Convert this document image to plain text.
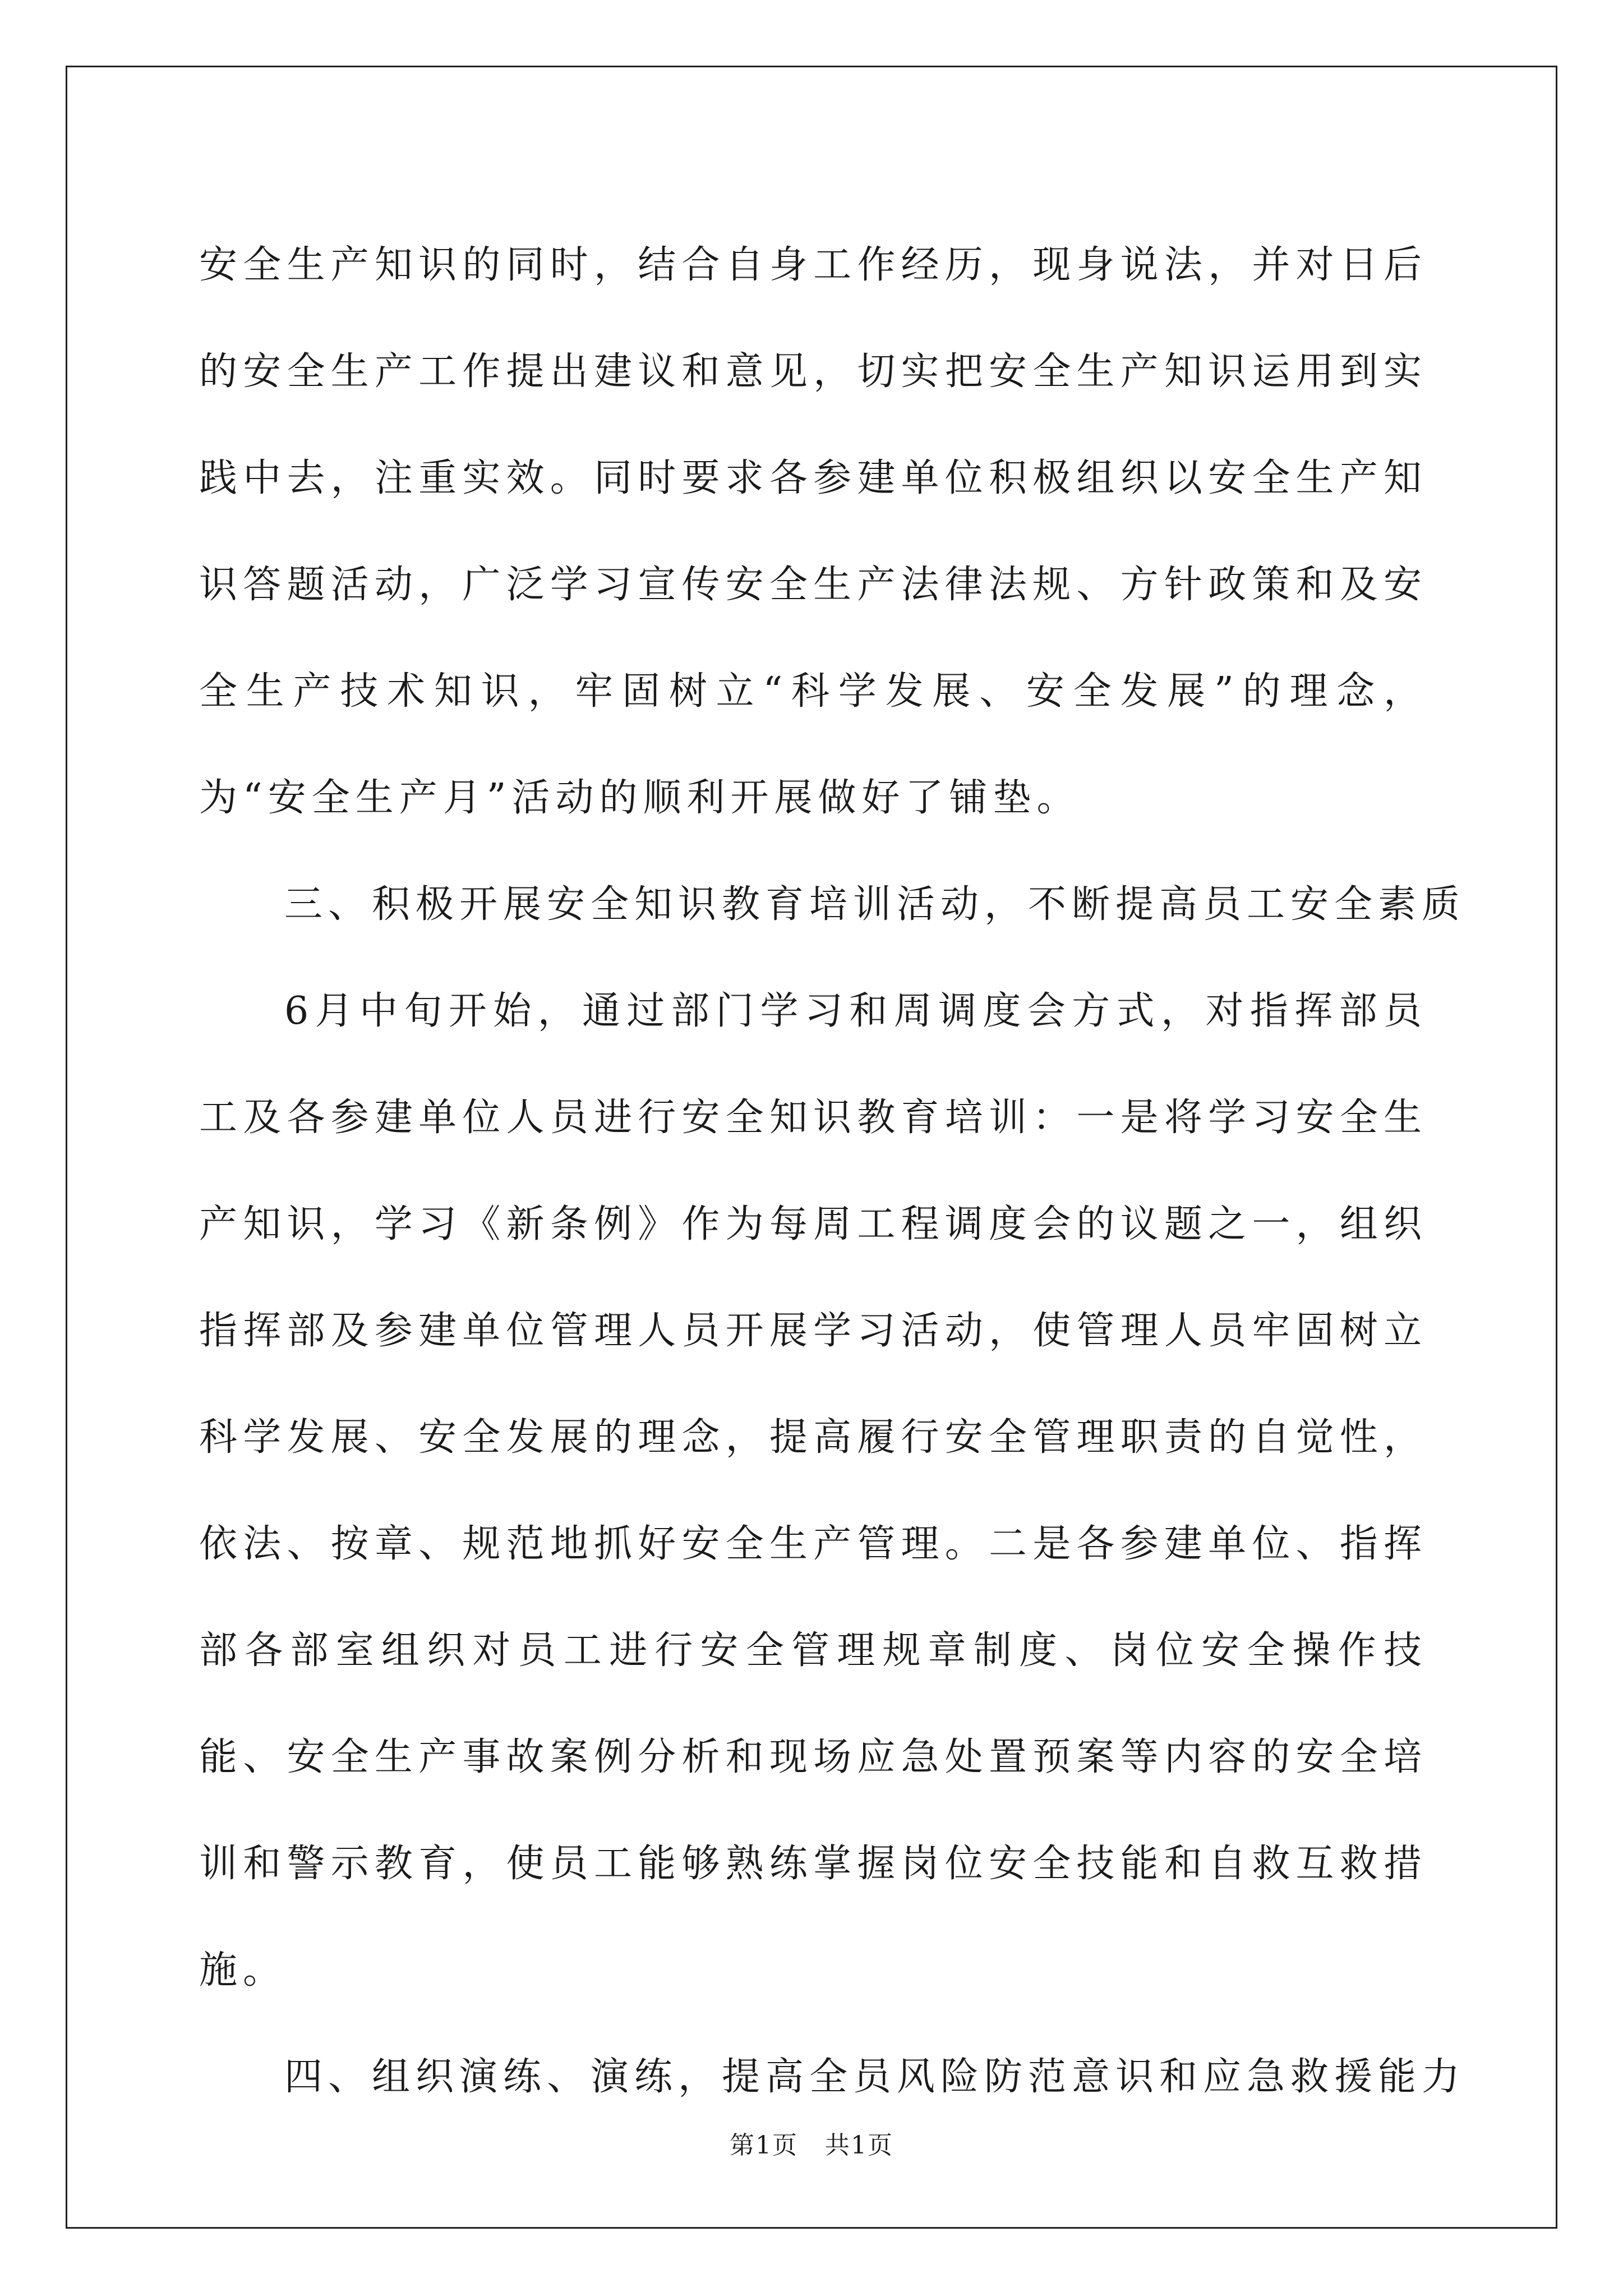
安全生产知识的同时，结合自身工作经历，现身说法，并对日后的安全生产工作提出建议和意见，切实把安全生产知识运用到实践中去，注重实效。同时要求各参建单位积极组织以安全生产知识答题活动，广泛学习宣传安全生产法律法规、方针政策和及安全生产技术知识，牢固树立“科学发展、安全发展”的理念，为“安全生产月”活动的顺利开展做好了铺垫。

三、积极开展安全知识教育培训活动，不断提高员工安全素质

6月中旬开始，通过部门学习和周调度会方式，对指挥部员工及各参建单位人员进行安全知识教育培训：一是将学习安全生产知识，学习《新条例》作为每周工程调度会的议题之一，组织指挥部及参建单位管理人员开展学习活动，使管理人员牢固树立科学发展、安全发展的理念，提高履行安全管理职责的自觉性，依法、按章、规范地抓好安全生产管理。二是各参建单位、指挥部各部室组织对员工进行安全管理规章制度、岗位安全操作技能、安全生产事故案例分析和现场应急处置预案等内容的安全培训和警示教育，使员工能够熟练掌握岗位安全技能和自救互救措施。

四、组织演练、演练，提高全员风险防范意识和应急救援能力

第1页 共1页
